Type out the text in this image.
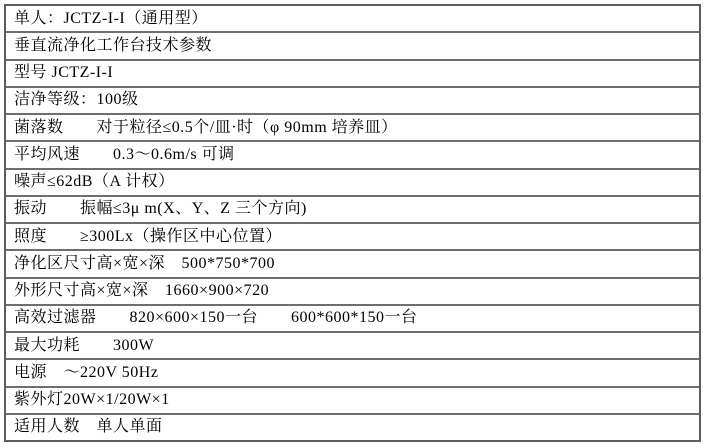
单人：JCTZ-I-I（通用型）
垂直流净化工作台技术参数
型号 JCTZ-I-I
洁净等级：100级
菌落数　　对于粒径≤0.5个/皿·时（φ 90mm 培养皿）
平均风速　　0.3～0.6m/s 可调
噪声≤62dB（A 计权）
振动　　振幅≤3μ m(X、Y、Z 三个方向)
照度　　≥300Lx（操作区中心位置）
净化区尺寸高×宽×深　500*750*700
外形尺寸高×宽×深　1660×900×720
高效过滤器　　820×600×150一台　　600*600*150一台
最大功耗　　300W
电源　～220V 50Hz
紫外灯20W×1/20W×1
适用人数　单人单面
